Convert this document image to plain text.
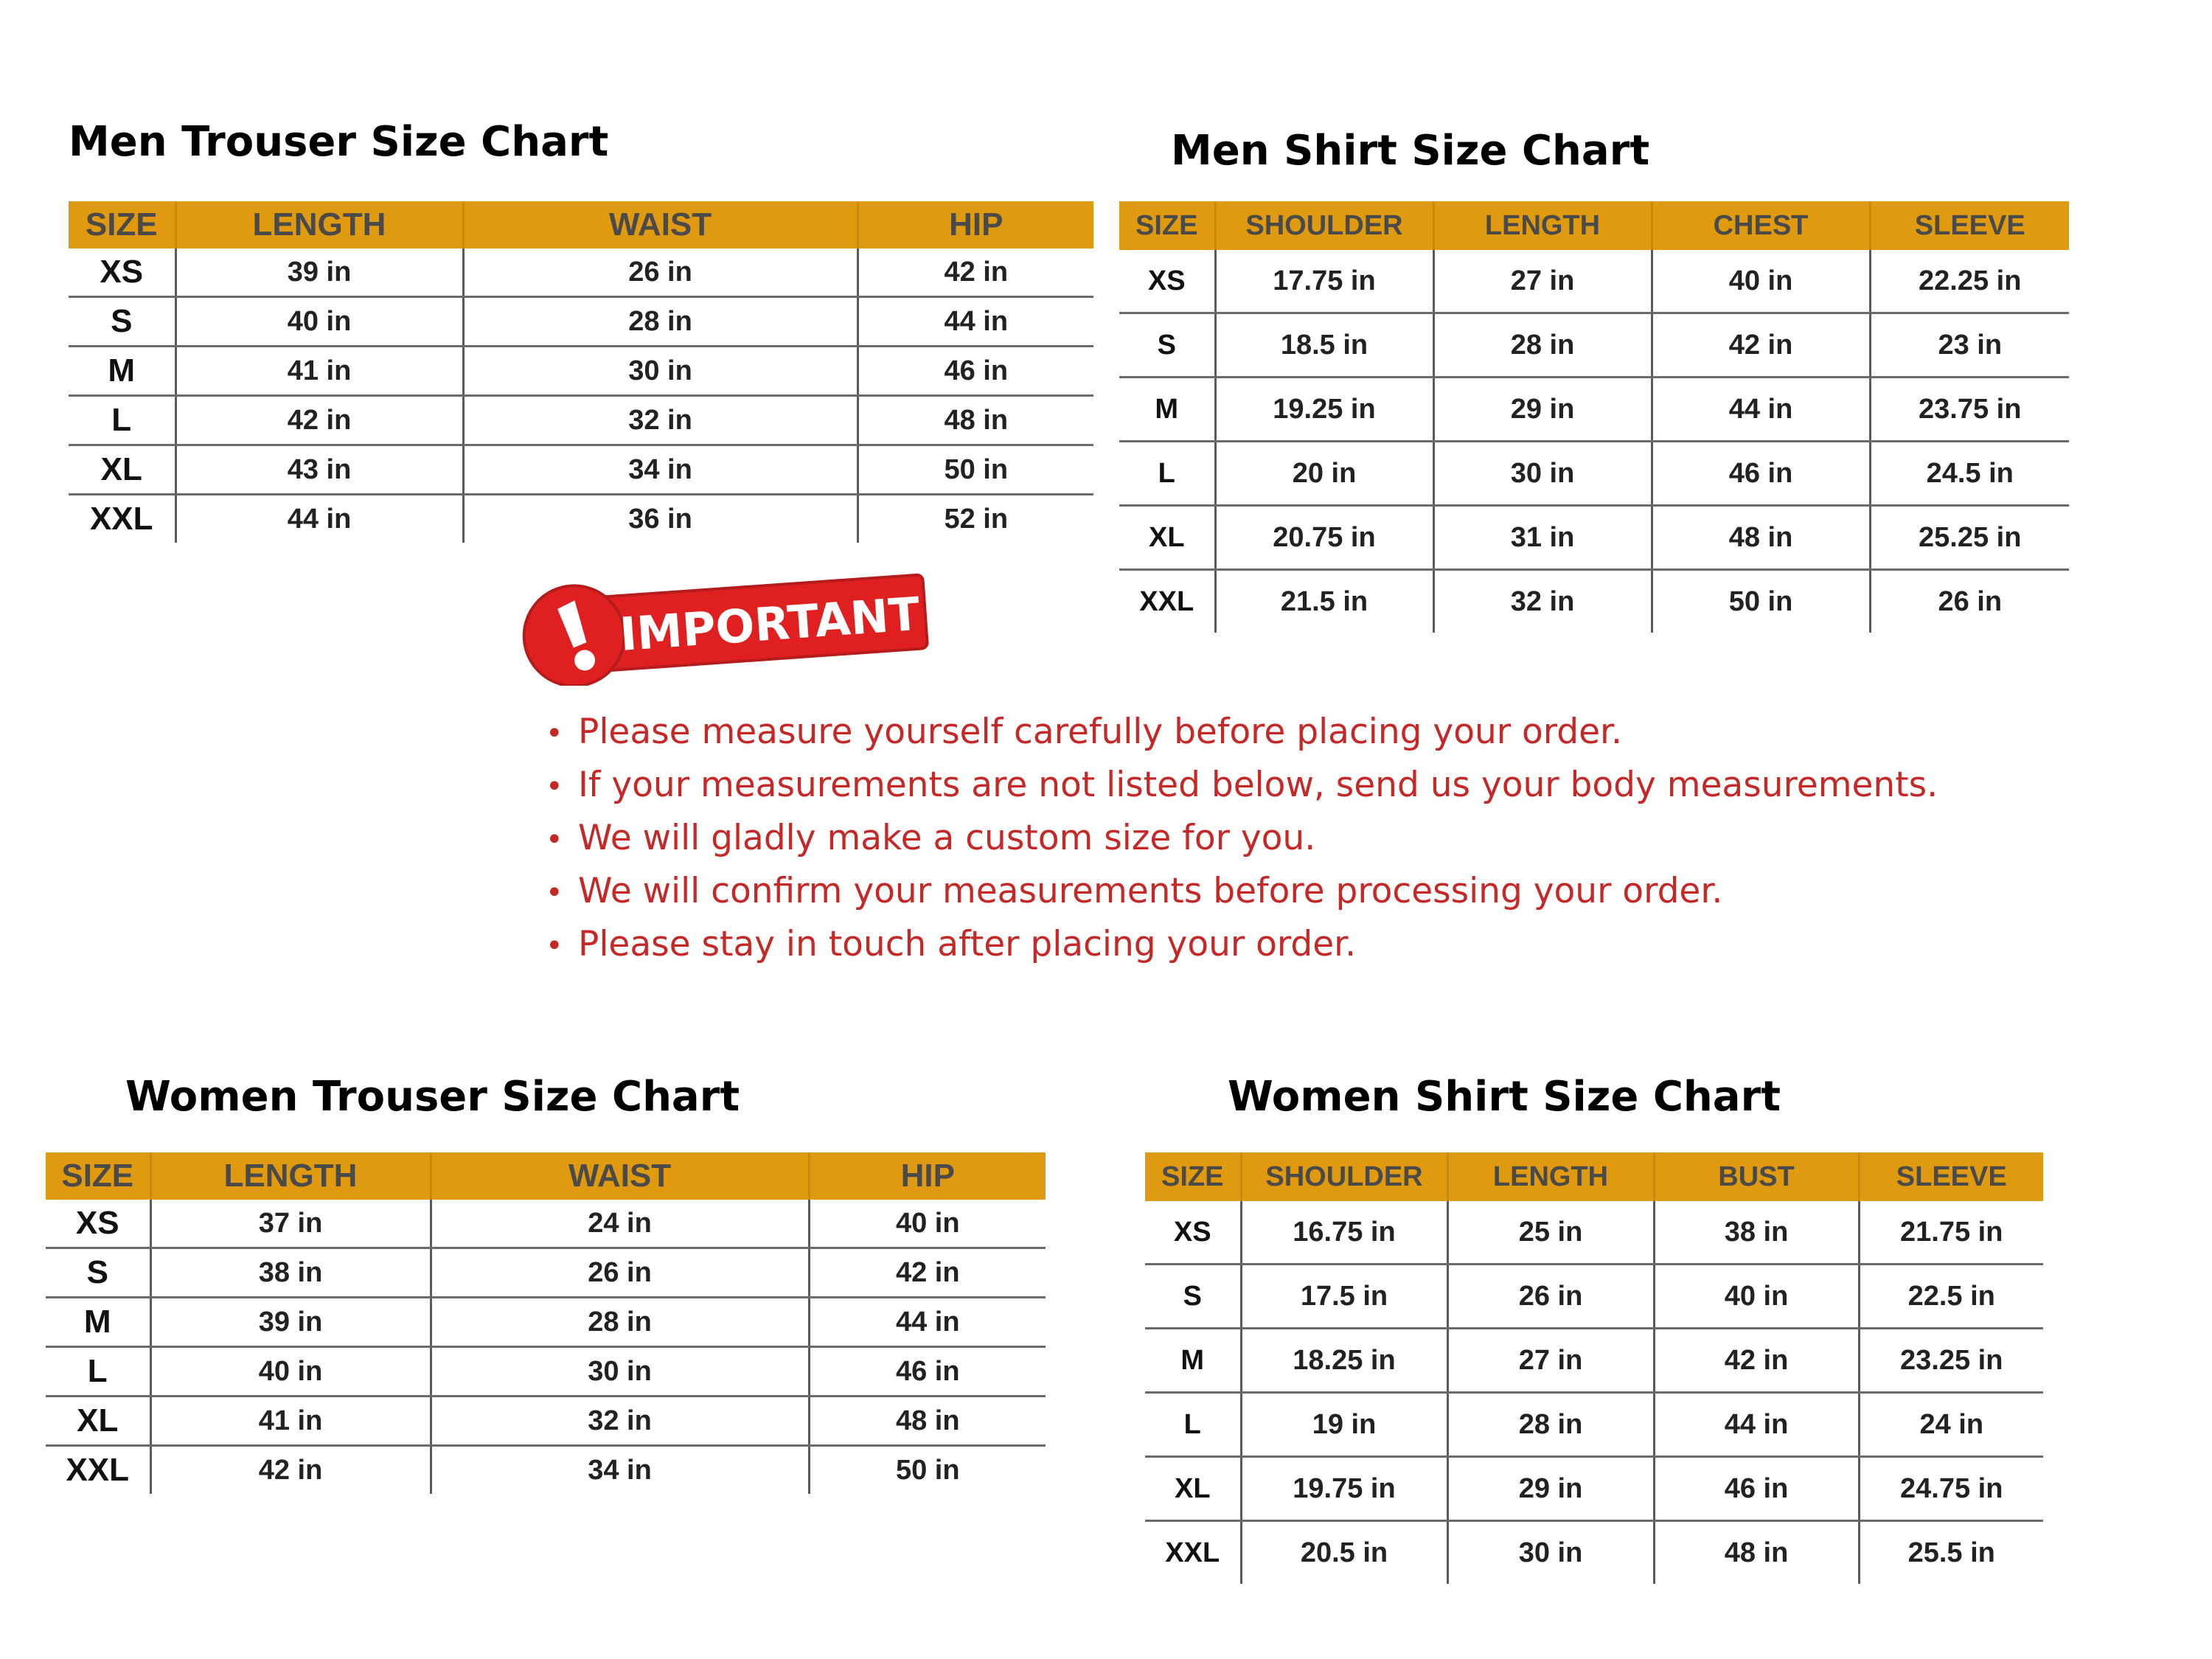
Men Trouser Size Chart
SIZE	LENGTH	WAIST	HIP
XS	39 in	26 in	42 in
S	40 in	28 in	44 in
M	41 in	30 in	46 in
L	42 in	32 in	48 in
XL	43 in	34 in	50 in
XXL	44 in	36 in	52 in
Men Shirt Size Chart
SIZE	SHOULDER	LENGTH	CHEST	SLEEVE
XS	17.75 in	27 in	40 in	22.25 in
S	18.5 in	28 in	42 in	23 in
M	19.25 in	29 in	44 in	23.75 in
L	20 in	30 in	46 in	24.5 in
XL	20.75 in	31 in	48 in	25.25 in
XXL	21.5 in	32 in	50 in	26 in
IMPORTANT
• Please measure yourself carefully before placing your order.
• If your measurements are not listed below, send us your body measurements.
• We will gladly make a custom size for you.
• We will confirm your measurements before processing your order.
• Please stay in touch after placing your order.
Women Trouser Size Chart
SIZE	LENGTH	WAIST	HIP
XS	37 in	24 in	40 in
S	38 in	26 in	42 in
M	39 in	28 in	44 in
L	40 in	30 in	46 in
XL	41 in	32 in	48 in
XXL	42 in	34 in	50 in
Women Shirt Size Chart
SIZE	SHOULDER	LENGTH	BUST	SLEEVE
XS	16.75 in	25 in	38 in	21.75 in
S	17.5 in	26 in	40 in	22.5 in
M	18.25 in	27 in	42 in	23.25 in
L	19 in	28 in	44 in	24 in
XL	19.75 in	29 in	46 in	24.75 in
XXL	20.5 in	30 in	48 in	25.5 in
